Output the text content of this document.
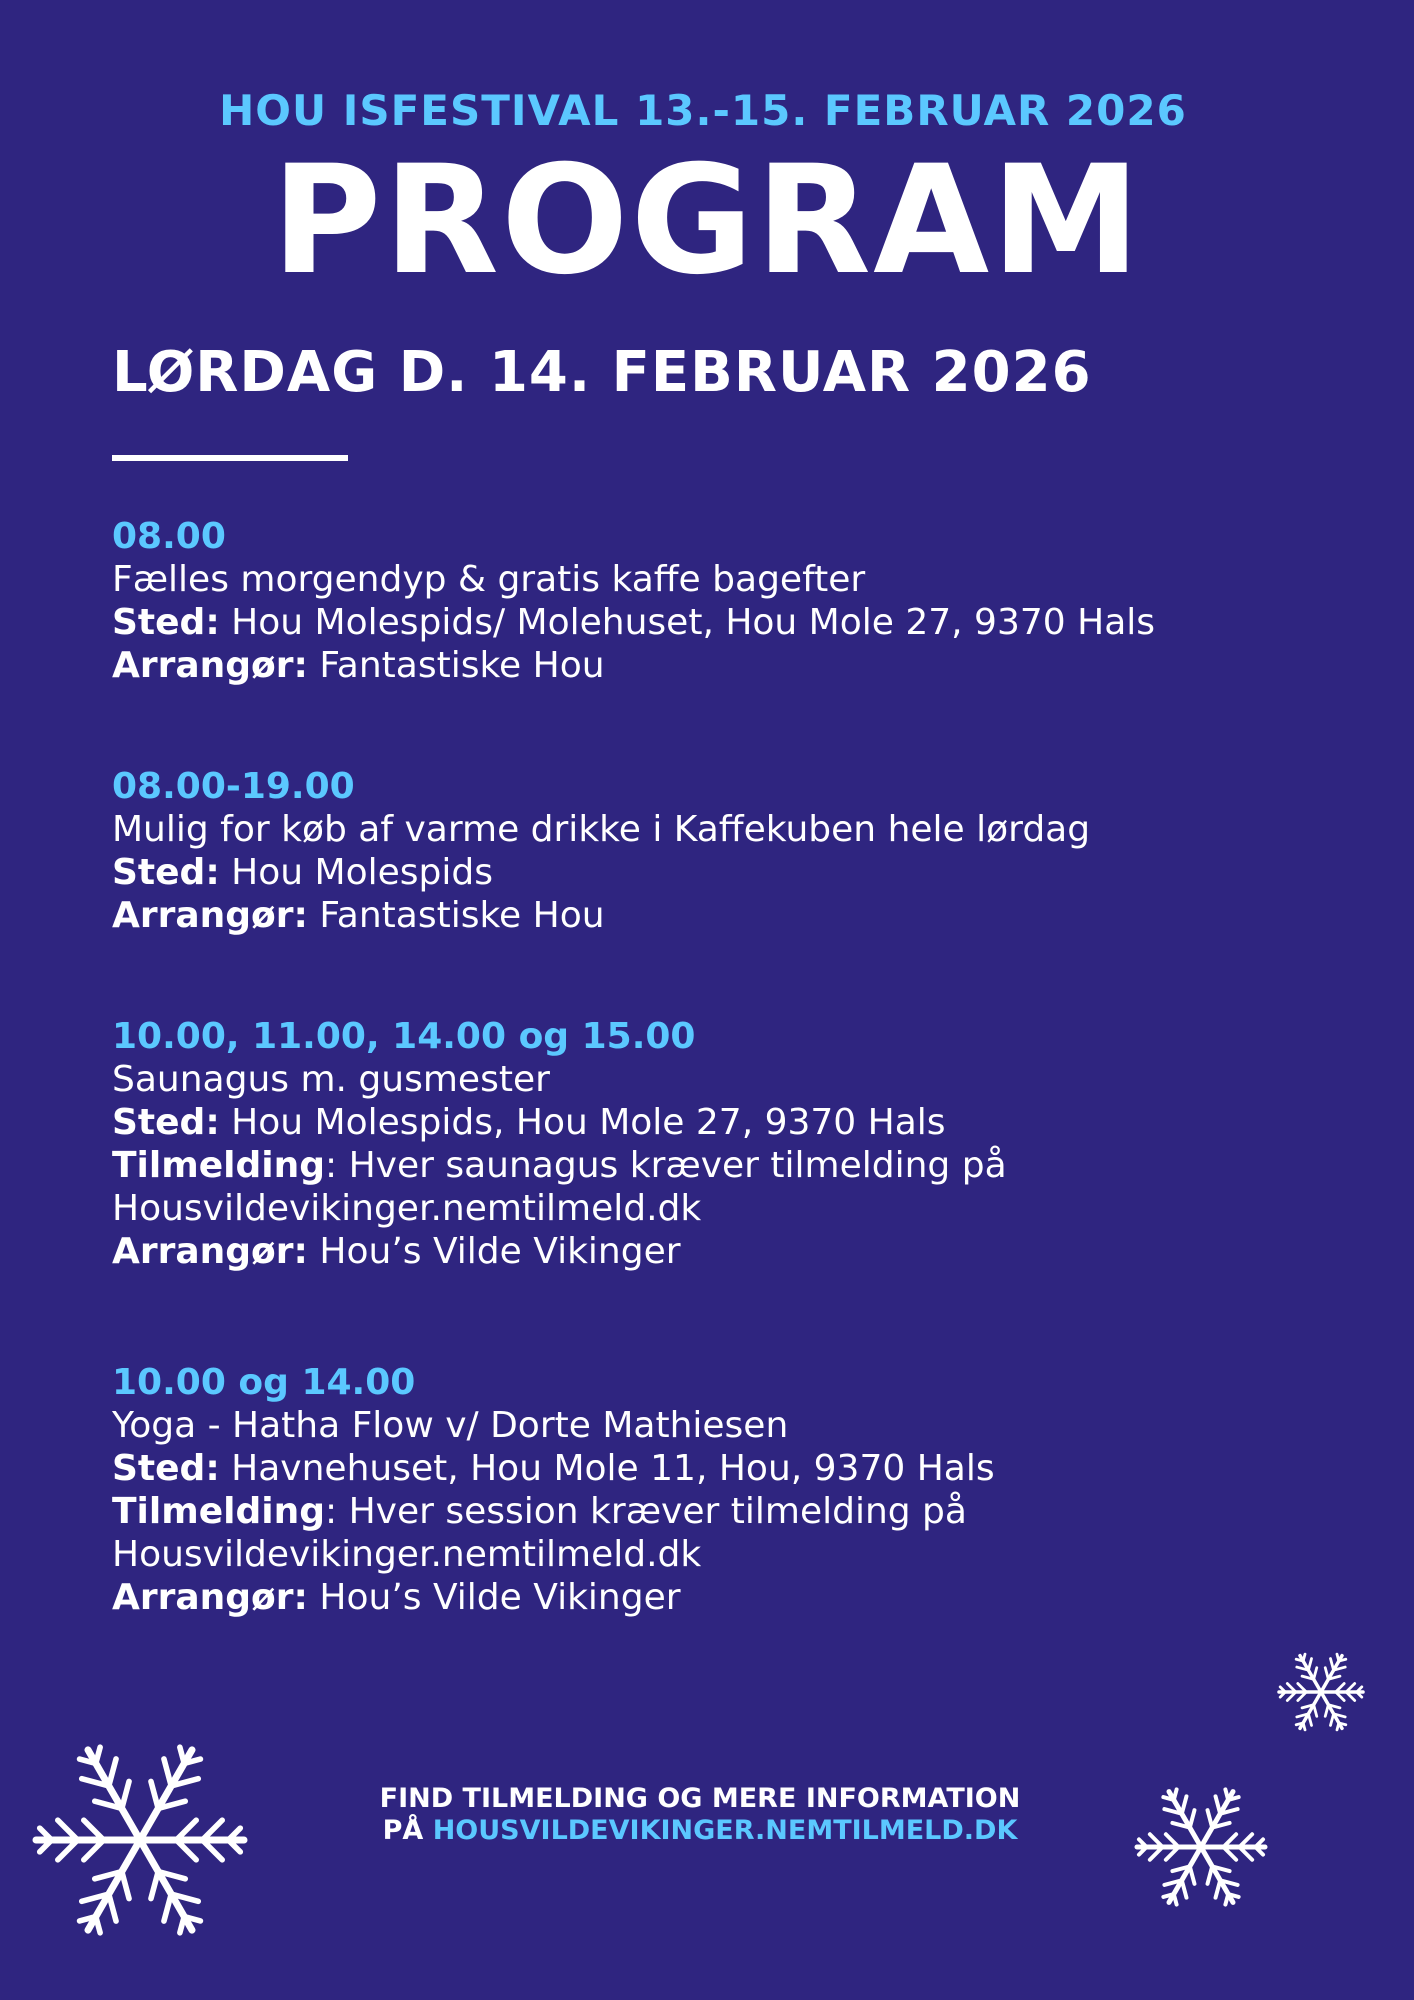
HOU ISFESTIVAL 13.-15. FEBRUAR 2026
PROGRAM
LØRDAG D. 14. FEBRUAR 2026
08.00
Fælles morgendyp & gratis kaffe bagefter
Sted: Hou Molespids/ Molehuset, Hou Mole 27, 9370 Hals
Arrangør: Fantastiske Hou
08.00-19.00
Mulig for køb af varme drikke i Kaffekuben hele lørdag
Sted: Hou Molespids
Arrangør: Fantastiske Hou
10.00, 11.00, 14.00 og 15.00
Saunagus m. gusmester
Sted: Hou Molespids, Hou Mole 27, 9370 Hals
Tilmelding: Hver saunagus kræver tilmelding på
Housvildevikinger.nemtilmeld.dk
Arrangør: Hou’s Vilde Vikinger
10.00 og 14.00
Yoga - Hatha Flow v/ Dorte Mathiesen
Sted: Havnehuset, Hou Mole 11, Hou, 9370 Hals
Tilmelding: Hver session kræver tilmelding på
Housvildevikinger.nemtilmeld.dk
Arrangør: Hou’s Vilde Vikinger
FIND TILMELDING OG MERE INFORMATION
PÅ HOUSVILDEVIKINGER.NEMTILMELD.DK
